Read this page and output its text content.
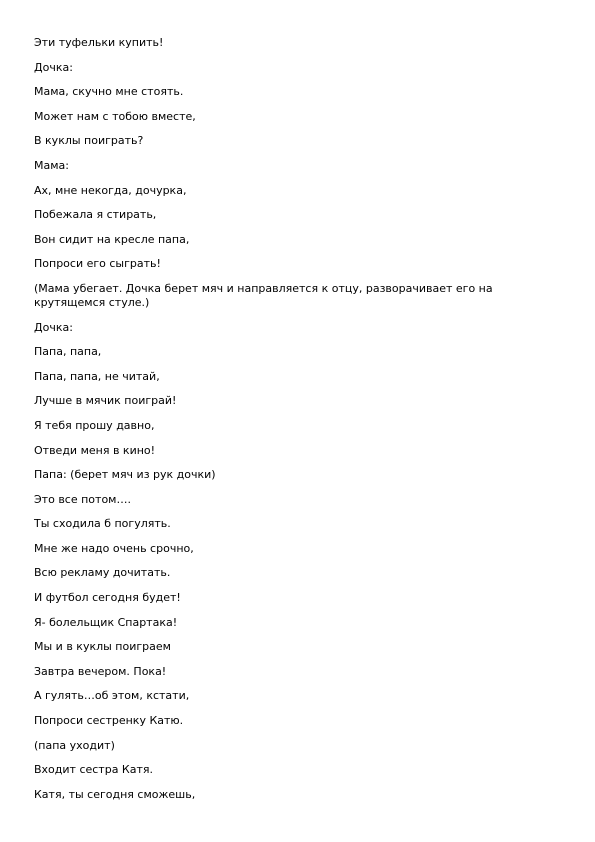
Эти туфельки купить!

Дочка:

Мама, скучно мне стоять.

Может нам с тобою вместе,

В куклы поиграть?

Мама:

Ах, мне некогда, дочурка,

Побежала я стирать,

Вон сидит на кресле папа,

Попроси его сыграть!

(Мама убегает. Дочка берет мяч и направляется к отцу, разворачивает его на крутящемся стуле.)

Дочка:

Папа, папа,

Папа, папа, не читай,

Лучше в мячик поиграй!

Я тебя прошу давно,

Отведи меня в кино!

Папа: (берет мяч из рук дочки)

Это все потом….

Ты сходила б погулять.

Мне же надо очень срочно,

Всю рекламу дочитать.

И футбол сегодня будет!

Я- болельщик Спартака!

Мы и в куклы поиграем

Завтра вечером. Пока!

А гулять…об этом, кстати,

Попроси сестренку Катю.

(папа уходит)

Входит сестра Катя.

Катя, ты сегодня сможешь,
